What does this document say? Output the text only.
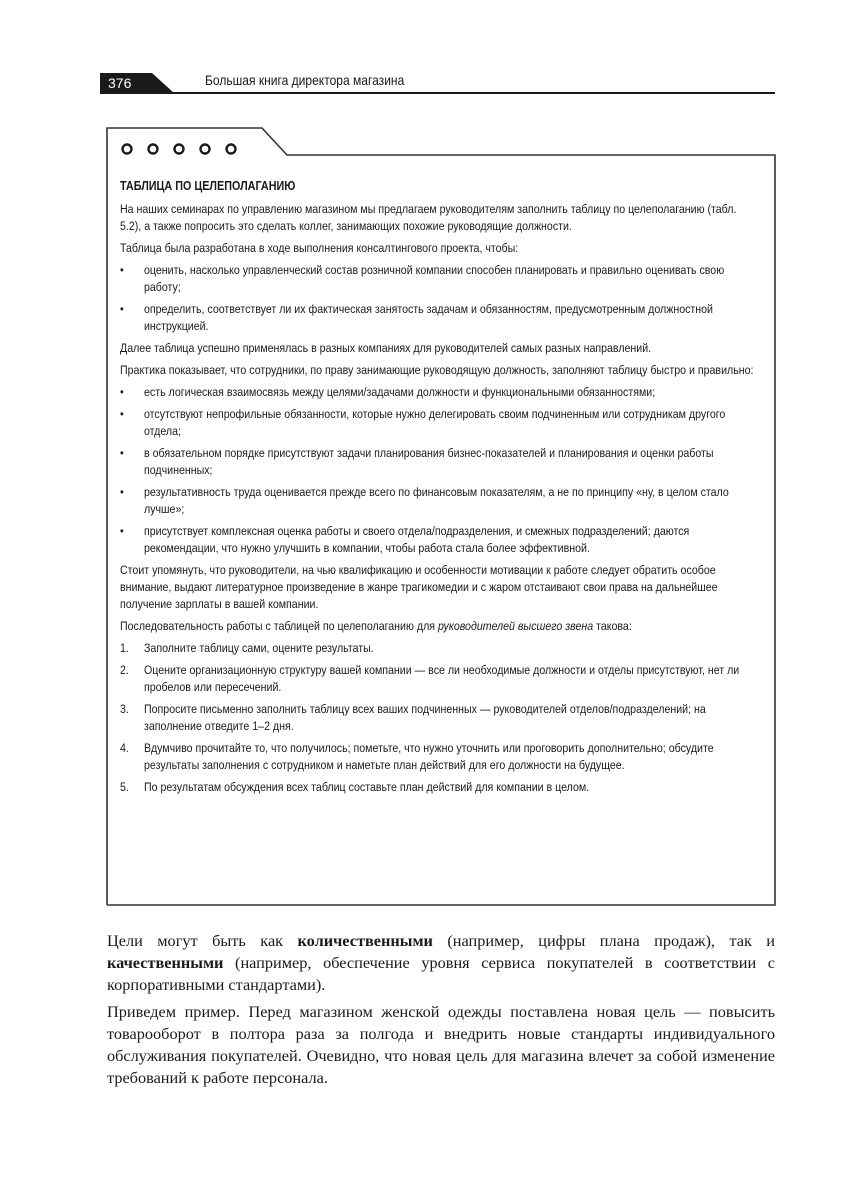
376	Большая книга директора магазина
ТАБЛИЦА ПО ЦЕЛЕПОЛАГАНИЮ

На наших семинарах по управлению магазином мы предлагаем руководителям заполнить таблицу по целеполаганию (табл. 5.2), а также попросить это сделать коллег, занимающих похожие руководящие должности.

Таблица была разработана в ходе выполнения консалтингового проекта, чтобы:

• оценить, насколько управленческий состав розничной компании способен планировать и правильно оценивать свою работу;
• определить, соответствует ли их фактическая занятость задачам и обязанностям, предусмотренным должностной инструкцией.

Далее таблица успешно применялась в разных компаниях для руководителей самых разных направлений.

Практика показывает, что сотрудники, по праву занимающие руководящую должность, заполняют таблицу быстро и правильно:

• есть логическая взаимосвязь между целями/задачами должности и функциональными обязанностями;
• отсутствуют непрофильные обязанности, которые нужно делегировать своим подчиненным или сотрудникам другого отдела;
• в обязательном порядке присутствуют задачи планирования бизнес-показателей и планирования и оценки работы подчиненных;
• результативность труда оценивается прежде всего по финансовым показателям, а не по принципу «ну, в целом стало лучше»;
• присутствует комплексная оценка работы и своего отдела/подразделения, и смежных подразделений; даются рекомендации, что нужно улучшить в компании, чтобы работа стала более эффективной.

Стоит упомянуть, что руководители, на чью квалификацию и особенности мотивации к работе следует обратить особое внимание, выдают литературное произведение в жанре трагикомедии и с жаром отстаивают свои права на дальнейшее получение зарплаты в вашей компании.

Последовательность работы с таблицей по целеполаганию для руководителей высшего звена такова:

1. Заполните таблицу сами, оцените результаты.
2. Оцените организационную структуру вашей компании — все ли необходимые должности и отделы присутствуют, нет ли пробелов или пересечений.
3. Попросите письменно заполнить таблицу всех ваших подчиненных — руководителей отделов/подразделений; на заполнение отведите 1–2 дня.
4. Вдумчиво прочитайте то, что получилось; пометьте, что нужно уточнить или проговорить дополнительно; обсудите результаты заполнения с сотрудником и наметьте план действий для его должности на будущее.
5. По результатам обсуждения всех таблиц составьте план действий для компании в целом.

Цели могут быть как количественными (например, цифры плана продаж), так и качественными (например, обеспечение уровня сервиса покупателей в соответствии с корпоративными стандартами).

Приведем пример. Перед магазином женской одежды поставлена новая цель — повысить товарооборот в полтора раза за полгода и внедрить новые стандарты индивидуального обслуживания покупателей. Очевидно, что новая цель для магазина влечет за собой изменение требований к работе персонала.
